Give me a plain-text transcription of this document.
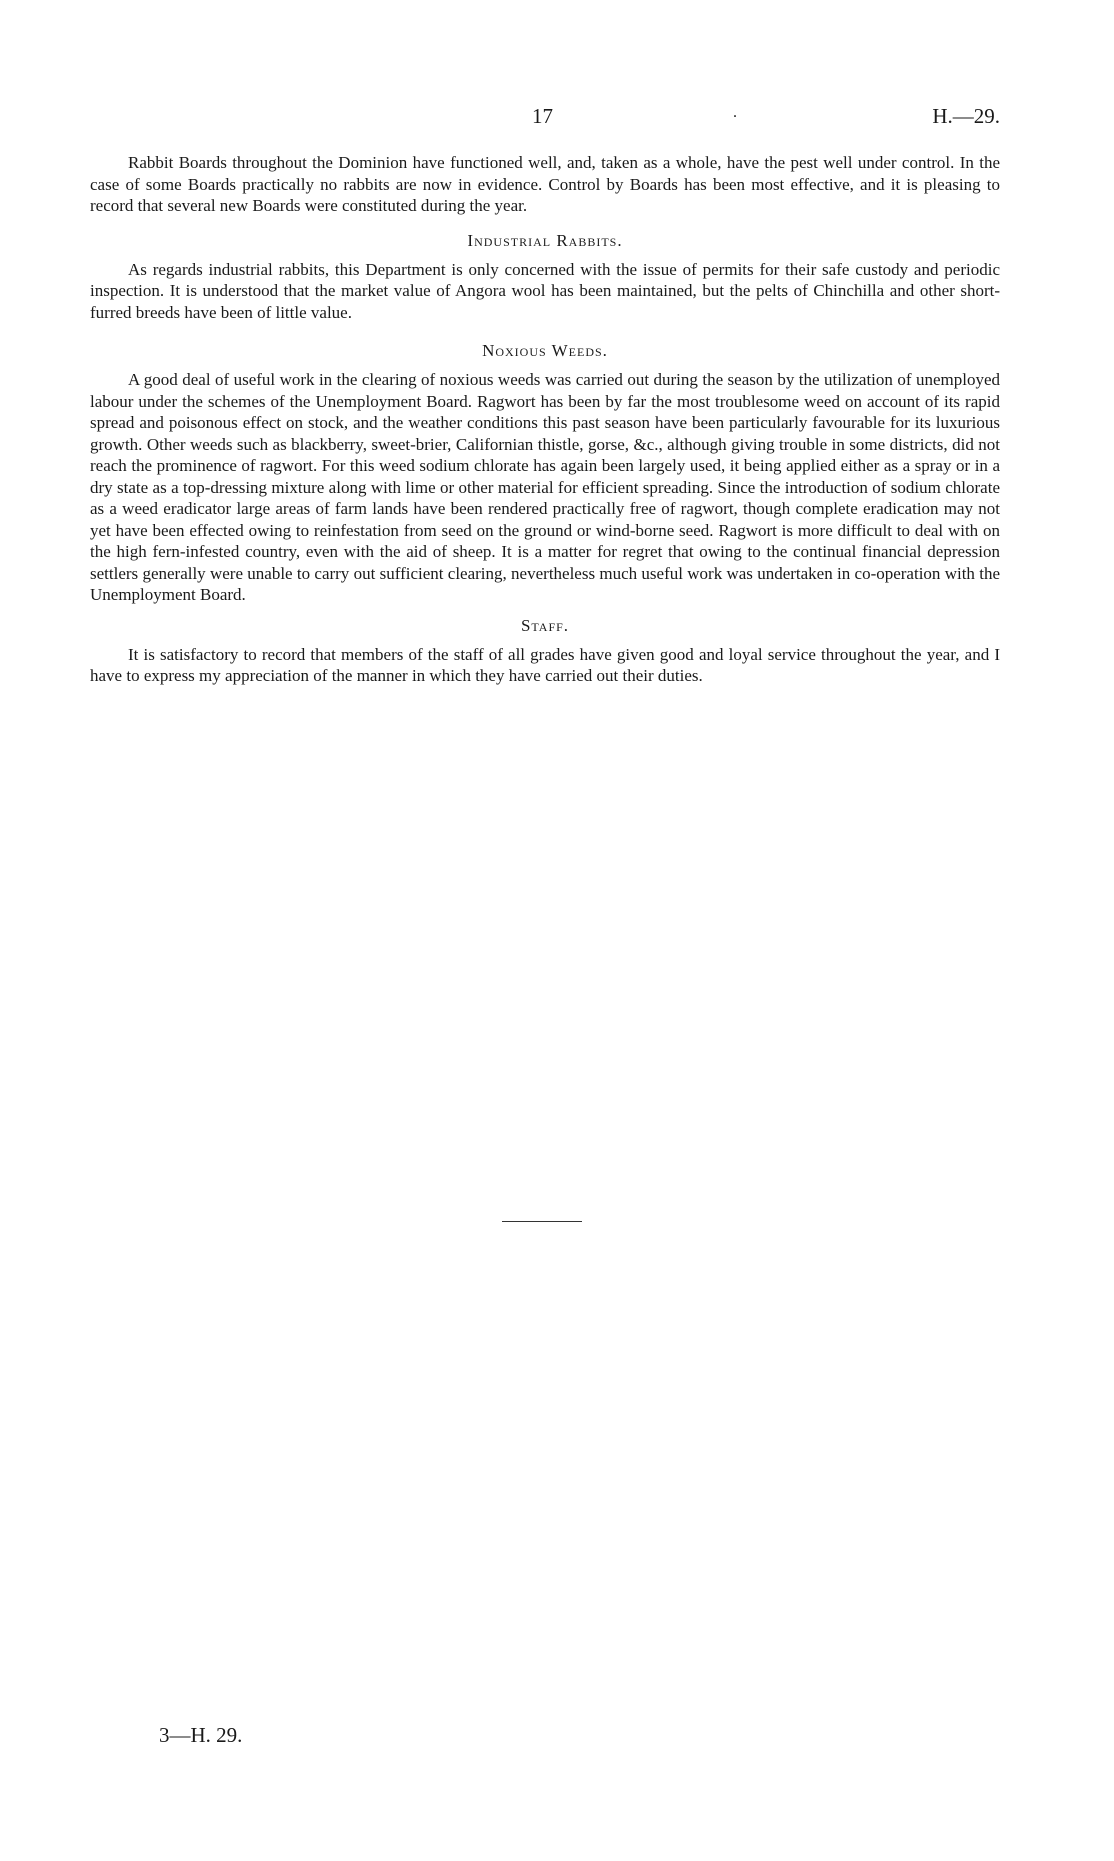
17	.	H.—29.

Rabbit Boards throughout the Dominion have functioned well, and, taken as a whole, have the pest well under control. In the case of some Boards practically no rabbits are now in evidence. Control by Boards has been most effective, and it is pleasing to record that several new Boards were constituted during the year.

Industrial Rabbits.

As regards industrial rabbits, this Department is only concerned with the issue of permits for their safe custody and periodic inspection. It is understood that the market value of Angora wool has been maintained, but the pelts of Chinchilla and other short-furred breeds have been of little value.

Noxious Weeds.

A good deal of useful work in the clearing of noxious weeds was carried out during the season by the utilization of unemployed labour under the schemes of the Unemployment Board. Ragwort has been by far the most troublesome weed on account of its rapid spread and poisonous effect on stock, and the weather conditions this past season have been particularly favourable for its luxurious growth. Other weeds such as blackberry, sweet-brier, Californian thistle, gorse, &c., although giving trouble in some districts, did not reach the prominence of ragwort. For this weed sodium chlorate has again been largely used, it being applied either as a spray or in a dry state as a top-dressing mixture along with lime or other material for efficient spreading. Since the introduction of sodium chlorate as a weed eradicator large areas of farm lands have been rendered practically free of ragwort, though complete eradication may not yet have been effected owing to reinfestation from seed on the ground or wind-borne seed. Ragwort is more difficult to deal with on the high fern-infested country, even with the aid of sheep. It is a matter for regret that owing to the continual financial depression settlers generally were unable to carry out sufficient clearing, nevertheless much useful work was undertaken in co-operation with the Unemployment Board.

Staff.

It is satisfactory to record that members of the staff of all grades have given good and loyal service throughout the year, and I have to express my appreciation of the manner in which they have carried out their duties.

3—H. 29.
